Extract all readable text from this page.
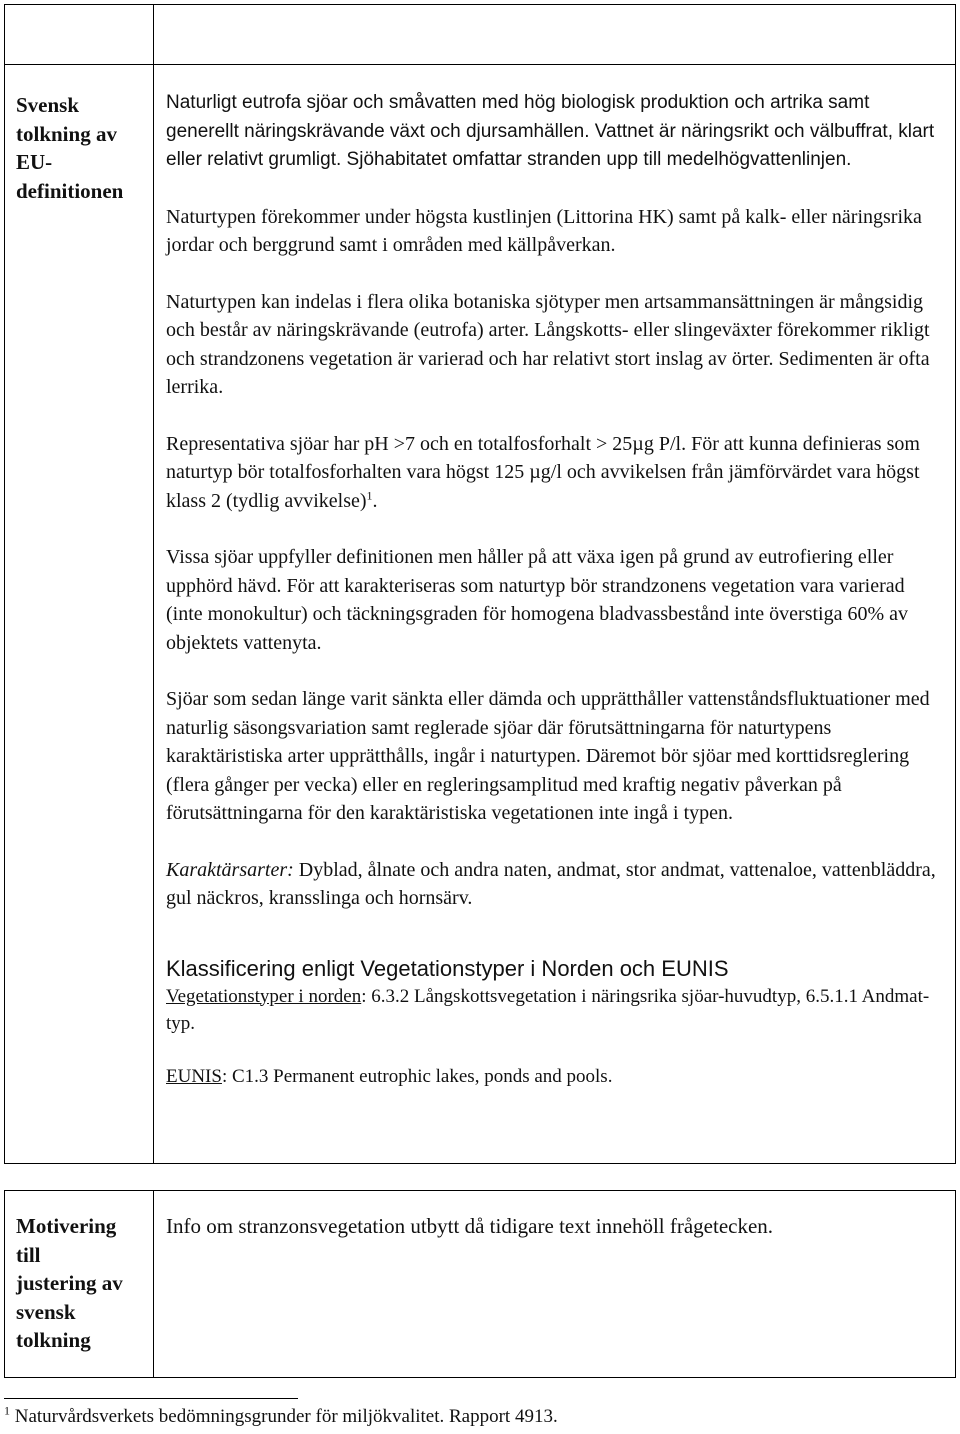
Svensk
tolkning av
EU-
definitionen

Naturligt eutrofa sjöar och småvatten med hög biologisk produktion och artrika samt generellt näringskrävande växt och djursamhällen. Vattnet är näringsrikt och välbuffrat, klart eller relativt grumligt. Sjöhabitatet omfattar stranden upp till medelhögvattenlinjen.

Naturtypen förekommer under högsta kustlinjen (Littorina HK) samt på kalk- eller näringsrika jordar och berggrund samt i områden med källpåverkan.

Naturtypen kan indelas i flera olika botaniska sjötyper men artsammansättningen är mångsidig och består av näringskrävande (eutrofa) arter. Långskotts- eller slingeväxter förekommer rikligt och strandzonens vegetation är varierad och har relativt stort inslag av örter. Sedimenten är ofta lerrika.

Representativa sjöar har pH >7 och en totalfosforhalt > 25µg P/l. För att kunna definieras som naturtyp bör totalfosforhalten vara högst 125 µg/l och avvikelsen från jämförvärdet vara högst klass 2 (tydlig avvikelse)$^1$.

Vissa sjöar uppfyller definitionen men håller på att växa igen på grund av eutrofiering eller upphörd hävd. För att karakteriseras som naturtyp bör strandzonens vegetation vara varierad (inte monokultur) och täckningsgraden för homogena bladvassbestånd inte överstiga 60% av objektets vattenyta.

Sjöar som sedan länge varit sänkta eller dämda och upprätthåller vattenståndsfluktuationer med naturlig säsongsvariation samt reglerade sjöar där förutsättningarna för naturtypens karaktäristiska arter upprätthålls, ingår i naturtypen. Däremot bör sjöar med korttidsreglering (flera gånger per vecka) eller en regleringsamplitud med kraftig negativ påverkan på förutsättningarna för den karaktäristiska vegetationen inte ingå i typen.

Karaktärsarter: Dyblad, ålnate och andra naten, andmat, stor andmat, vattenaloe, vattenbläddra, gul näckros, kransslinga och hornsärv.

Klassificering enligt Vegetationstyper i Norden och EUNIS

Vegetationstyper i norden: 6.3.2 Långskottsvegetation i näringsrika sjöar-huvudtyp, 6.5.1.1 Andmat-typ.

EUNIS: C1.3 Permanent eutrophic lakes, ponds and pools.

Motivering
till
justering av
svensk
tolkning
Info om stranzonsvegetation utbytt då tidigare text innehöll frågetecken.
$^1$ Naturvårdsverkets bedömningsgrunder för miljökvalitet. Rapport 4913.
